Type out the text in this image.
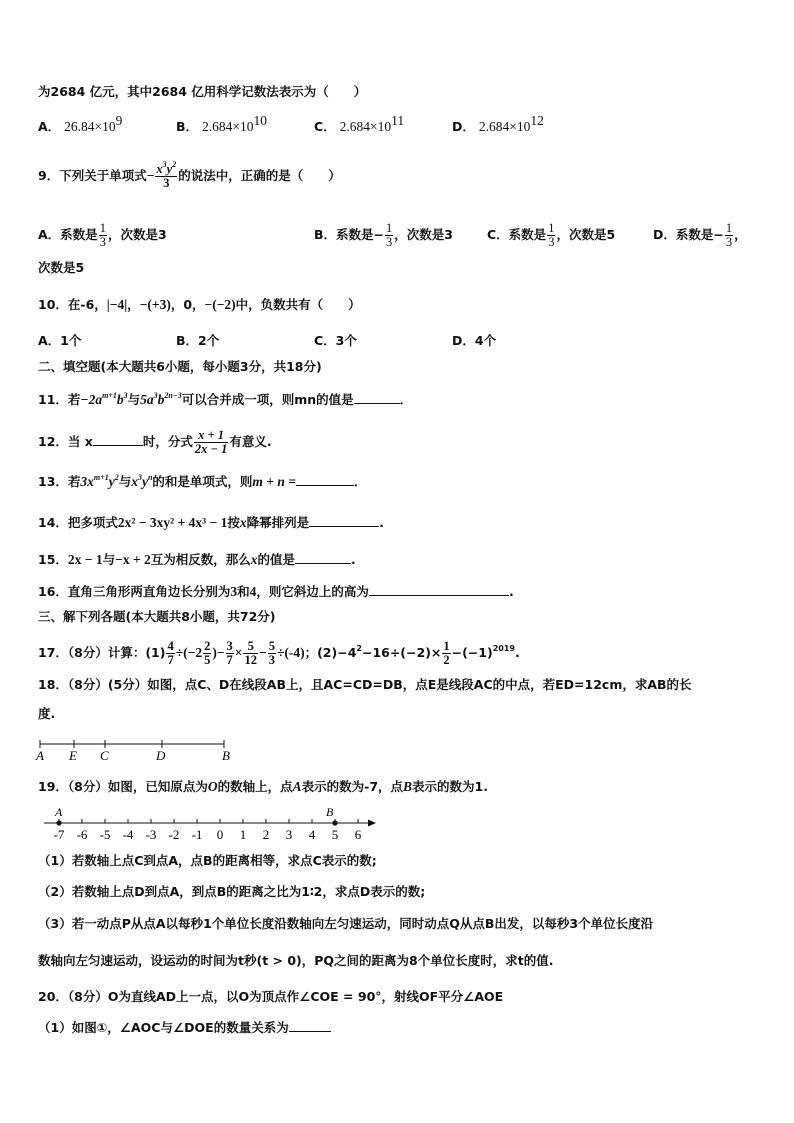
为2684 亿元，其中2684 亿用科学记数法表示为（　　）
A． $26.84\times 10^9$	B． $2.684\times 10^{10}$	C． $2.684\times 10^{11}$	D． $2.684\times 10^{12}$
9．下列关于单项式− $\frac{x^3y^2}{3}$ 的说法中，正确的是（　　）
A．系数是 $\frac{1}{3}$ ，次数是3	B．系数是− $\frac{1}{3}$ ，次数是3	C．系数是 $\frac{1}{3}$ ，次数是5	D．系数是− $\frac{1}{3}$ ，
次数是5
10．在-6，|−4|，−(+3)，0，−(−2)中，负数共有（　　）
A．1个	B．2个	C．3个	D．4个
二、填空题(本大题共6小题，每小题3分，共18分)
11．若$-2a^{m+1}b^3$与$5a^3b^{2n-3}$可以合并成一项，则mn的值是	．
12．当 x	时，分式 $\frac{x + 1}{2x - 1}$ 有意义.
13．若$3x^{m+1}y^2$与$x^3y^n$的和是单项式，则m + n =	．
14．把多项式2x² − 3xy² + 4x³ − 1按x降幂排列是	.
15．2x − 1与−x + 2互为相反数，那么x的值是	.
16．直角三角形两直角边长分别为3和4，则它斜边上的高为	.
三、解下列各题(本大题共8小题，共72分)
17．（8分）计算：$(1) \frac{4}{7} \div(-2 \frac{2}{5}$ )− $\frac{3}{7} \times \frac{5}{12} - \frac{5}{3} \div(-4)$；$(2)-4^2-16\div(-2)\times \frac{1}{2} -(-1)^{2019}$.
18．（8分）(5分）如图，点C、D在线段AB上，且AC=CD=DB，点E是线段AC的中点，若ED=12cm，求AB的长
度.
A E C	D	B
19．（8分）如图，已知原点为O的数轴上，点A表示的数为-7，点B表示的数为1.
-7 -6 -5 -4 -3 -2 -1 0 1 2 3 4 5 6
A	B
（1）若数轴上点C到点A，点B的距离相等，求点C表示的数;
（2）若数轴上点D到点A，到点B的距离之比为1∶2，求点D表示的数;
（3）若一动点P从点A以每秒1个单位长度沿数轴向左匀速运动，同时动点Q从点B出发，以每秒3个单位长度沿
数轴向左匀速运动，设运动的时间为t秒(t > 0)，PQ之间的距离为8个单位长度时，求t的值.
20．（8分）O为直线AD上一点，以O为顶点作∠COE = 90°，射线OF平分∠AOE
（1）如图①，∠AOC与∠DOE的数量关系为
